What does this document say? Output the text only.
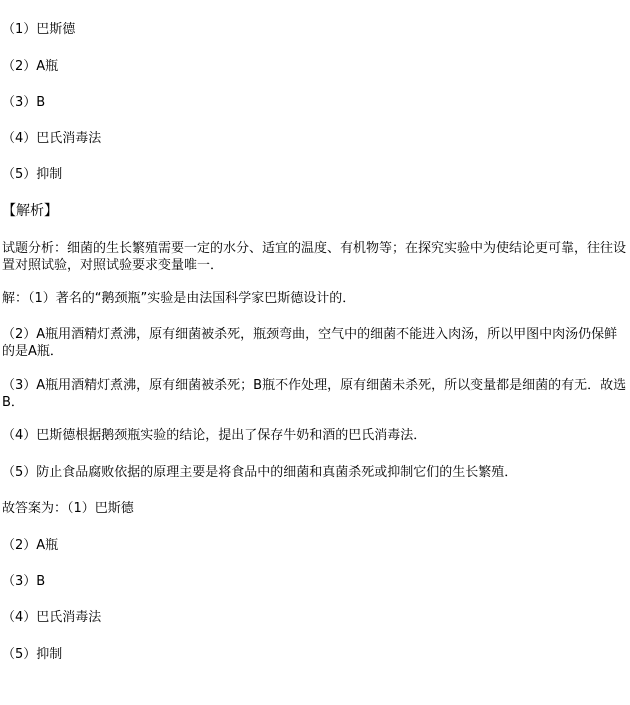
（1）巴斯德
（2）A瓶
（3）B
（4）巴氏消毒法
（5）抑制
【解析】
试题分析：细菌的生长繁殖需要一定的水分、适宜的温度、有机物等；在探究实验中为使结论更可靠，往往设置对照试验，对照试验要求变量唯一．
解：（1）著名的“鹅颈瓶”实验是由法国科学家巴斯德设计的．
（2）A瓶用酒精灯煮沸，原有细菌被杀死，瓶颈弯曲，空气中的细菌不能进入肉汤，所以甲图中肉汤仍保鲜的是A瓶．
（3）A瓶用酒精灯煮沸，原有细菌被杀死；B瓶不作处理，原有细菌未杀死，所以变量都是细菌的有无．故选B．
（4）巴斯德根据鹅颈瓶实验的结论，提出了保存牛奶和酒的巴氏消毒法．
（5）防止食品腐败依据的原理主要是将食品中的细菌和真菌杀死或抑制它们的生长繁殖．
故答案为：（1）巴斯德
（2）A瓶
（3）B
（4）巴氏消毒法
（5）抑制
